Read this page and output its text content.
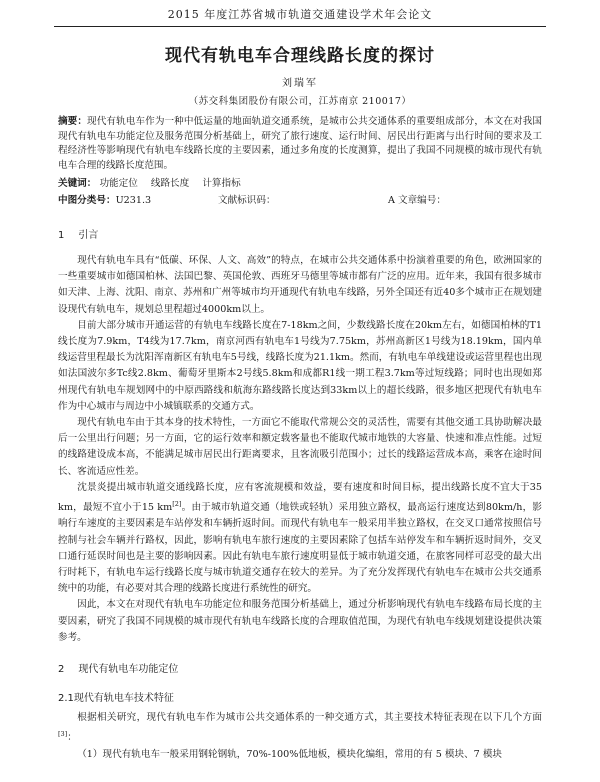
2015 年度江苏省城市轨道交通建设学术年会论文
现代有轨电车合理线路长度的探讨
刘瑞军
（苏交科集团股份有限公司，江苏南京 210017）
摘要：现代有轨电车作为一种中低运量的地面轨道交通系统，是城市公共交通体系的重要组成部分，本文在对我国现代有轨电车功能定位及服务范围分析基础上，研究了旅行速度、运行时间、居民出行距离与出行时间的要求及工程经济性等影响现代有轨电车线路长度的主要因素，通过多角度的长度测算，提出了我国不同规模的城市现代有轨电车合理的线路长度范围。
关键词： 功能定位 线路长度 计算指标
中图分类号：U231.3	文献标识码：	A 文章编号：
1 引言

现代有轨电车具有“低碳、环保、人文、高效”的特点，在城市公共交通体系中扮演着重要的角色，欧洲国家的一些重要城市如德国柏林、法国巴黎、英国伦敦、西班牙马德里等城市都有广泛的应用。近年来，我国有很多城市如天津、上海、沈阳、南京、苏州和广州等城市均开通现代有轨电车线路，另外全国还有近40多个城市正在规划建设现代有轨电车，规划总里程超过4000km以上。

目前大部分城市开通运营的有轨电车线路长度在7-18km之间，少数线路长度在20km左右，如德国柏林的T1线长度为7.9km，T4线为17.7km，南京河西有轨电车1号线为7.75km，苏州高新区1号线为18.19km，国内单线运营里程最长为沈阳浑南新区有轨电车5号线，线路长度为21.1km。然而，有轨电车单线建设或运营里程也出现如法国波尔多Tc线2.8km、葡萄牙里斯本2号线5.8km和成都R1线一期工程3.7km等过短线路；同时也出现如郑州现代有轨电车规划网中的中原西路线和航海东路线路长度达到33km以上的超长线路，很多地区把现代有轨电车作为中心城市与周边中小城镇联系的交通方式。

现代有轨电车由于其本身的技术特性，一方面它不能取代常规公交的灵活性，需要有其他交通工具协助解决最后一公里出行问题；另一方面，它的运行效率和额定载客量也不能取代城市地铁的大容量、快速和准点性能。过短的线路建设成本高，不能满足城市居民出行距离要求，且客流吸引范围小；过长的线路运营成本高，乘客在途时间长、客流适应性差。

沈景炎提出城市轨道交通线路长度，应有客流规模和效益，要有速度和时间目标，提出线路长度不宜大于35 km，最短不宜小于15 km[2]。由于城市轨道交通（地铁或轻轨）采用独立路权，最高运行速度达到80km/h，影响行车速度的主要因素是车站停发和车辆折返时间。而现代有轨电车一般采用半独立路权，在交叉口通常按照信号控制与社会车辆并行路权，因此，影响有轨电车旅行速度的主要因素除了包括车站停发车和车辆折返时间外，交叉口通行延误时间也是主要的影响因素。因此有轨电车旅行速度明显低于城市轨道交通，在旅客同样可忍受的最大出行时耗下，有轨电车运行线路长度与城市轨道交通存在较大的差异。为了充分发挥现代有轨电车在城市公共交通系统中的功能，有必要对其合理的线路长度进行系统性的研究。

因此，本文在对现代有轨电车功能定位和服务范围分析基础上，通过分析影响现代有轨电车线路布局长度的主要因素，研究了我国不同规模的城市现代有轨电车线路长度的合理取值范围，为现代有轨电车线规划建设提供决策参考。

2 现代有轨电车功能定位
2.1现代有轨电车技术特征

根据相关研究，现代有轨电车作为城市公共交通体系的一种交通方式，其主要技术特征表现在以下几个方面[3]：

（1）现代有轨电车一般采用钢轮钢轨，70%-100%低地板，模块化编组，常用的有 5 模块、7 模块
